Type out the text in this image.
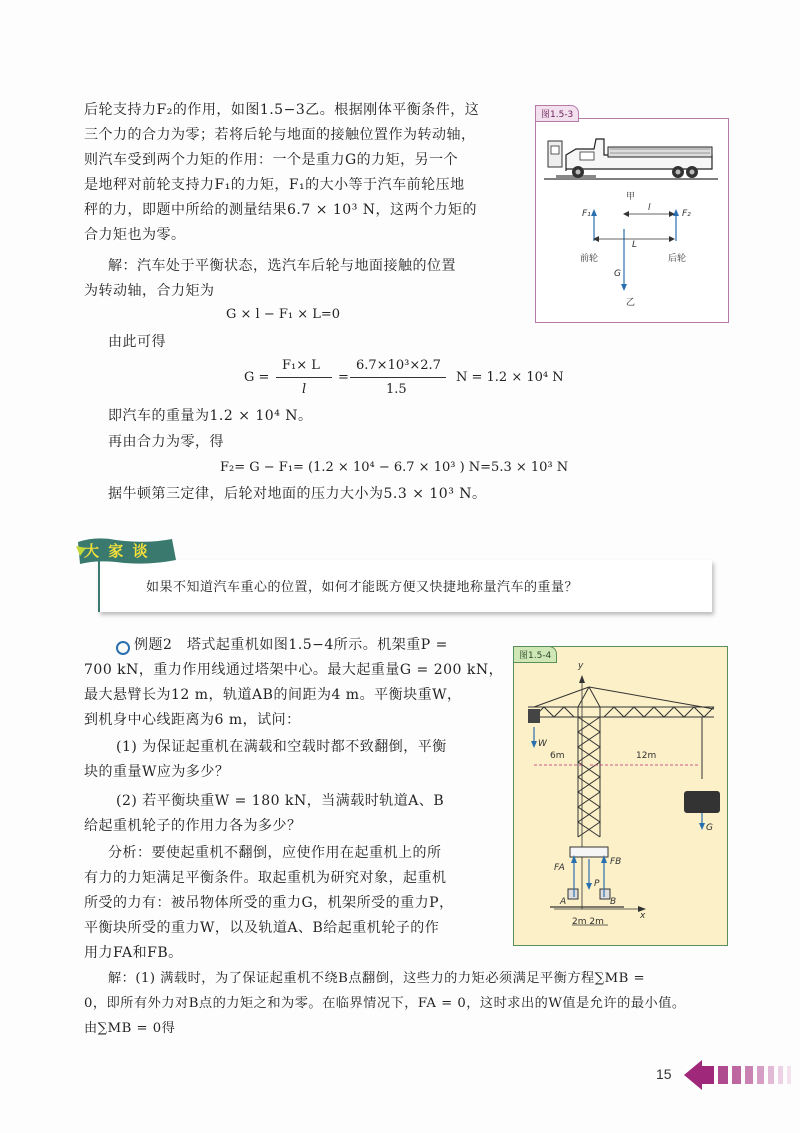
后轮支持力F₂的作用，如图1.5−3乙。根据刚体平衡条件，这
三个力的合力为零；若将后轮与地面的接触位置作为转动轴，
则汽车受到两个力矩的作用：一个是重力G的力矩，另一个
是地秤对前轮支持力F₁的力矩，F₁的大小等于汽车前轮压地
秤的力，即题中所给的测量结果6.7 × 10³ N，这两个力矩的
合力矩也为零。
解：汽车处于平衡状态，选汽车后轮与地面接触的位置
为转动轴，合力矩为
G × l − F₁ × L=0
由此可得
G =
F₁× L
l
=
6.7×10³×2.7
1.5
N = 1.2 × 10⁴ N
即汽车的重量为1.2 × 10⁴ N。
再由合力为零，得
F₂= G − F₁= (1.2 × 10⁴ − 6.7 × 10³ ) N=5.3 × 10³ N
据牛顿第三定律，后轮对地面的压力大小为5.3 × 10³ N。
图1.5-3
甲
F₁	F₂
l
L
前轮	后轮
G
乙
如果不知道汽车重心的位置，如何才能既方便又快捷地称量汽车的重量？
大 家 谈
例题2　塔式起重机如图1.5−4所示。机架重P =
700 kN，重力作用线通过塔架中心。最大起重量G = 200 kN，
最大悬臂长为12 m，轨道AB的间距为4 m。平衡块重W，
到机身中心线距离为6 m，试问：
(1) 为保证起重机在满载和空载时都不致翻倒，平衡
块的重量W应为多少？
(2) 若平衡块重W = 180 kN，当满载时轨道A、B
给起重机轮子的作用力各为多少？
分析：要使起重机不翻倒，应使作用在起重机上的所
有力的力矩满足平衡条件。取起重机为研究对象，起重机
所受的力有：被吊物体所受的重力G，机架所受的重力P，
平衡块所受的重力W，以及轨道A、B给起重机轮子的作
用力FA和FB。
图1.5-4
y
W
6m	12m
G
FA
FB
P
A	B
x
2m 2m
解：(1) 满载时，为了保证起重机不绕B点翻倒，这些力的力矩必须满足平衡方程∑MB =
0，即所有外力对B点的力矩之和为零。在临界情况下，FA = 0，这时求出的W值是允许的最小值。
由∑MB = 0得
15
